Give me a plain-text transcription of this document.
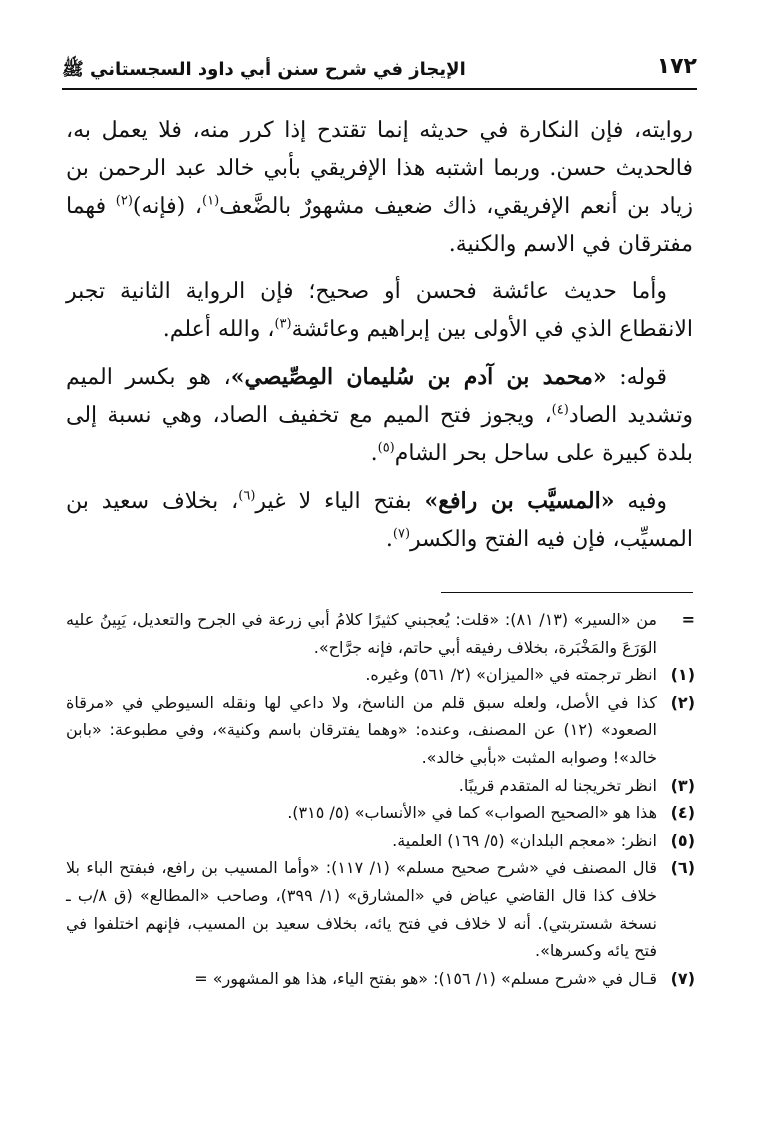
١٧٢
الإيجاز في شرح سنن أبي داود السجستاني ﷺ

روايته، فإن النكارة في حديثه إنما تقتدح إذا كرر منه، فلا يعمل به، فالحديث حسن. وربما اشتبه هذا الإفريقي بأبي خالد عبد الرحمن بن زياد بن أنعم الإفريقي، ذاك ضعيف مشهورٌ بالضَّعف$^{(١)}$، (فإنه)$^{(٢)}$ فهما مفترقان في الاسم والكنية.

وأما حديث عائشة فحسن أو صحيح؛ فإن الرواية الثانية تجبر الانقطاع الذي في الأولى بين إبراهيم وعائشة$^{(٣)}$، والله أعلم.

قوله: «محمد بن آدم بن سُليمان المِصِّيصي»، هو بكسر الميم وتشديد الصاد$^{(٤)}$، ويجوز فتح الميم مع تخفيف الصاد، وهي نسبة إلى بلدة كبيرة على ساحل بحر الشام$^{(٥)}$.

وفيه «المسيَّب بن رافع» بفتح الياء لا غير$^{(٦)}$، بخلاف سعيد بن المسيِّب، فإن فيه الفتح والكسر$^{(٧)}$.

=
من «السير» (١٣/ ٨١): «قلت: يُعجبني كثيرًا كلامُ أبي زرعة في الجرح والتعديل، يَبِينُ عليه الوَرَعَ والمَخْبَرة، بخلاف رفيقه أبي حاتم، فإنه جرَّاح».
(١)
انظر ترجمته في «الميزان» (٢/ ٥٦١) وغيره.
(٢)
كذا في الأصل، ولعله سبق قلم من الناسخ، ولا داعي لها ونقله السيوطي في «مرقاة الصعود» (١٢) عن المصنف، وعنده: «وهما يفترقان باسم وكنية»، وفي مطبوعة: «بابن خالد»! وصوابه المثبت «بأبي خالد».
(٣)
انظر تخريجنا له المتقدم قريبًا.
(٤)
هذا هو «الصحيح الصواب» كما في «الأنساب» (٥/ ٣١٥).
(٥)
انظر: «معجم البلدان» (٥/ ١٦٩) العلمية.
(٦)
قال المصنف في «شرح صحيح مسلم» (١/ ١١٧): «وأما المسيب بن رافع، فبفتح الباء بلا خلاف كذا قال القاضي عياض في «المشارق» (١/ ٣٩٩)، وصاحب «المطالع» (ق ٨/ب ـ نسخة شستربتي). أنه لا خلاف في فتح يائه، بخلاف سعيد بن المسيب، فإنهم اختلفوا في فتح يائه وكسرها».
(٧)
قـال في «شرح مسلم» (١/ ١٥٦): «هو بفتح الياء، هذا هو المشهور» =
